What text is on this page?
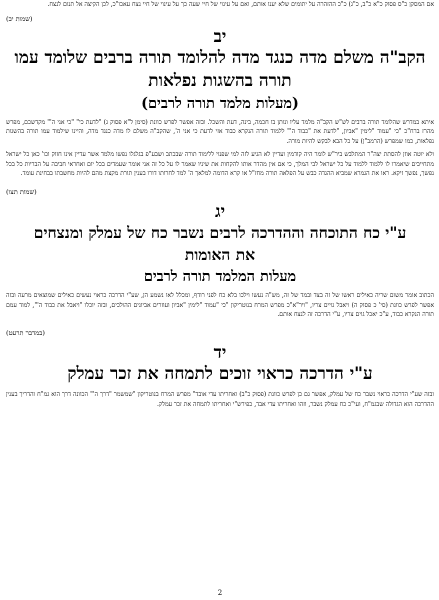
אם המסקן כ"ס פסוק כ"א כ"ב, כ"ג) כ"כ ההזהרה על יתומים שלא יענו אותם, ואם על עינוי של חיי שעה כך על עינוי של חיי נצח עאכו"כ, לכן הקיצה אל תנום לנצח.

(שמות יב)

יב

הקב"ה משלם מדה כנגד מדה להלומד תורה ברבים שלומד עמו

תורה בהשגות נפלאות

(מעלות מלמד תורה לרבים)

איתא במדרש שהלומד תורה ברבים לש"ש הקב"ה מלמד עליו ונותן בו חכמה, בינה, דעת והשכל. ובזה אפשר לפרש כוונת (סימן ל"א פסוק ג) "לדעת כי" "כי אני ה'" מקדשכם, מפרש מהרז ברח"כ "כי "עמוד "לימין "אביון, "לדעת את "כבוד ה'" ללמוד תורה הנקרא כבוד אזי לדעת כי אני ה', שהקב"ה משלם לו מדה כנגד מדה, והיינו שילמוד עמו תורה בהשגות נפלאות, כמו שמפרש (הרמב"ן) על כל הבא לבקש להיות מורה.

ולא יוטה אוזן להסתת יצה"ר המתלבש ביר"ש לומר היה קודמין ועדיין לא הגיע לזה למי שפנוי ללימוד תורה שבכתב ושבע"פ בגלגלו נפשו מלמד אשר עדיין אינו חזוק וכו' כאן כל ישראל מתחייבים שיאמרו לו ללמוד ללמוד על כל ישראל לבי המלך, כי אם אין מהדר אותו להקחות את שיניו שאמר לו על כל זה אני אומר שעמדים בכל יום ואחראי חביבה על הבריות כל בכל נפשך, נפשך זיקא. ראו את הגמרא שמביא ההגדה כבש על הפלאה תורה מחז"ל או קרא הדומה למלאך ה' למד לחרותו דורו בענין תורת מקצת מהם להיות מחשבתו בבחינת עומד.

(שמות תצו)

יג

ע"י כח התוכחה וההדרכה לרבים נשבר כח של עמלק ומנצחים

את האומות

מעלות המלמד תורה לרבים

הכתוב אומר משום שריה כאילים ראשו של זה בצד ובמד של זה, מש"ה נעשו וילכו בלא כח לפני רודף, ומכלל לאו נשמע הן, שע"י הדרכה כראוי נעשים כאילים שמוצאים מרעה ובזה אפשר לפרש כוונת (סי' כ פסוק ה) ויאבל גויים צריו, "ויר"א"כ מפרש המרח בנוטריקון "כי "עמוד "לימין "אביון ועוזרים אביונים ההולכים, ובזה יוכלו "ויאבל את כבוד ה'", למוד עמם תורה הנקרא כבוד, ע"כ יאכל גוים צריו, ע"י הדרכה זה לנצח אותם.

(במדבר תרעט)

יד

ע"י הדרכה כראוי זוכים לתמחה את זכר עמלק

ובזה שע"י הדרכה כראוי נשבר כח של עמלק, אפשר גם כן לפרש כוונת (פסוק כ"ב) ואחריתו עדי אובד" מפרש המרח בנוטריקון "שמשמר "דרך ה'" הכוונה דרך הוא גמ"ח והדריך בענין ההדרכה הוא הגדולה שבגמ"ח, ועי"כ כח עמלק נשבר, וזהו ואחריתו עדי אבד, כפירש"י ואחריתו לתמחה את זכר עמלק.

2
